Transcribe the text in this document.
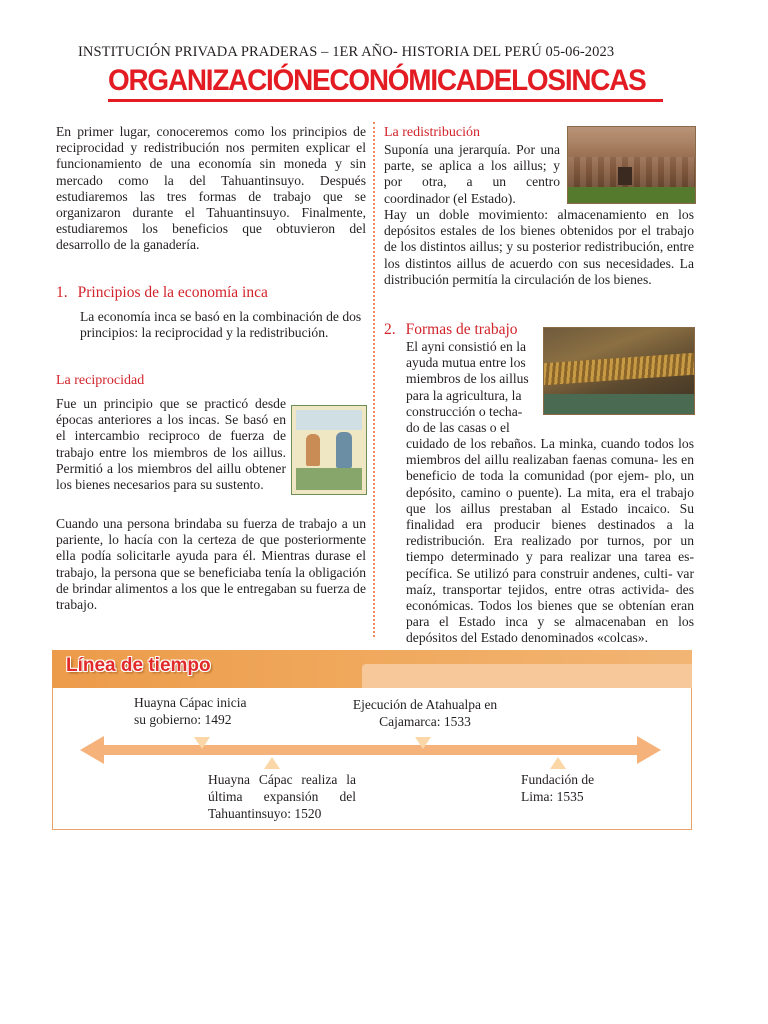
INSTITUCIÓN PRIVADA PRADERAS – 1ER AÑO- HISTORIA DEL PERÚ 05-06-2023
ORGANIZACIÓNECONÓMICADELOSINCAS

En primer lugar, conoceremos como los principios de reciprocidad y redistribución nos permiten explicar el funcionamiento de una economía sin moneda y sin mercado como la del Tahuantinsuyo. Después estudiaremos las tres formas de trabajo que se organizaron durante el Tahuantinsuyo. Finalmente, estudiaremos los beneficios que obtuvieron del desarrollo de la ganadería.

1. Principios de la economía inca

La economía inca se basó en la combinación de dos principios: la reciprocidad y la redistribución.

La reciprocidad

Fue un principio que se practicó desde épocas anteriores a los incas. Se basó en el intercambio reciproco de fuerza de trabajo entre los miembros de los aillus. Permitió a los miembros del aillu obtener los bienes necesarios para su sustento.

Cuando una persona brindaba su fuerza de trabajo a un pariente, lo hacía con la certeza de que posteriormente ella podía solicitarle ayuda para él. Mientras durase el trabajo, la persona que se beneficiaba tenía la obligación de brindar alimentos a los que le entregaban su fuerza de trabajo.

La redistribución

Suponía una jerarquía. Por una parte, se aplica a los aillus; y por otra, a un centro coordinador (el Estado).

Hay un doble movimiento: almacenamiento en los depósitos estales de los bienes obtenidos por el trabajo de los distintos aillus; y su posterior redistribución, entre los distintos aillus de acuerdo con sus necesidades. La distribución permitía la circulación de los bienes.

2. Formas de trabajo

El ayni consistió en la ayuda mutua entre los miembros de los aillus para la agricultura, la construcción o techa- do de las casas o el

cuidado de los rebaños. La minka, cuando todos los miembros del aillu realizaban faenas comuna- les en beneficio de toda la comunidad (por ejem- plo, un depósito, camino o puente). La mita, era el trabajo que los aillus prestaban al Estado incaico. Su finalidad era producir bienes destinados a la redistribución. Era realizado por turnos, por un tiempo determinado y para realizar una tarea es- pecífica. Se utilizó para construir andenes, culti- var maíz, transportar tejidos, entre otras activida- des económicas. Todos los bienes que se obtenían eran para el Estado inca y se almacenaban en los depósitos del Estado denominados «colcas».

Línea de tiempo

Huayna Cápac inicia

su gobierno: 1492

Ejecución de Atahualpa en

Cajamarca: 1533

Huayna Cápac realiza la última expansión del Tahuantinsuyo: 1520

Fundación de

Lima: 1535
